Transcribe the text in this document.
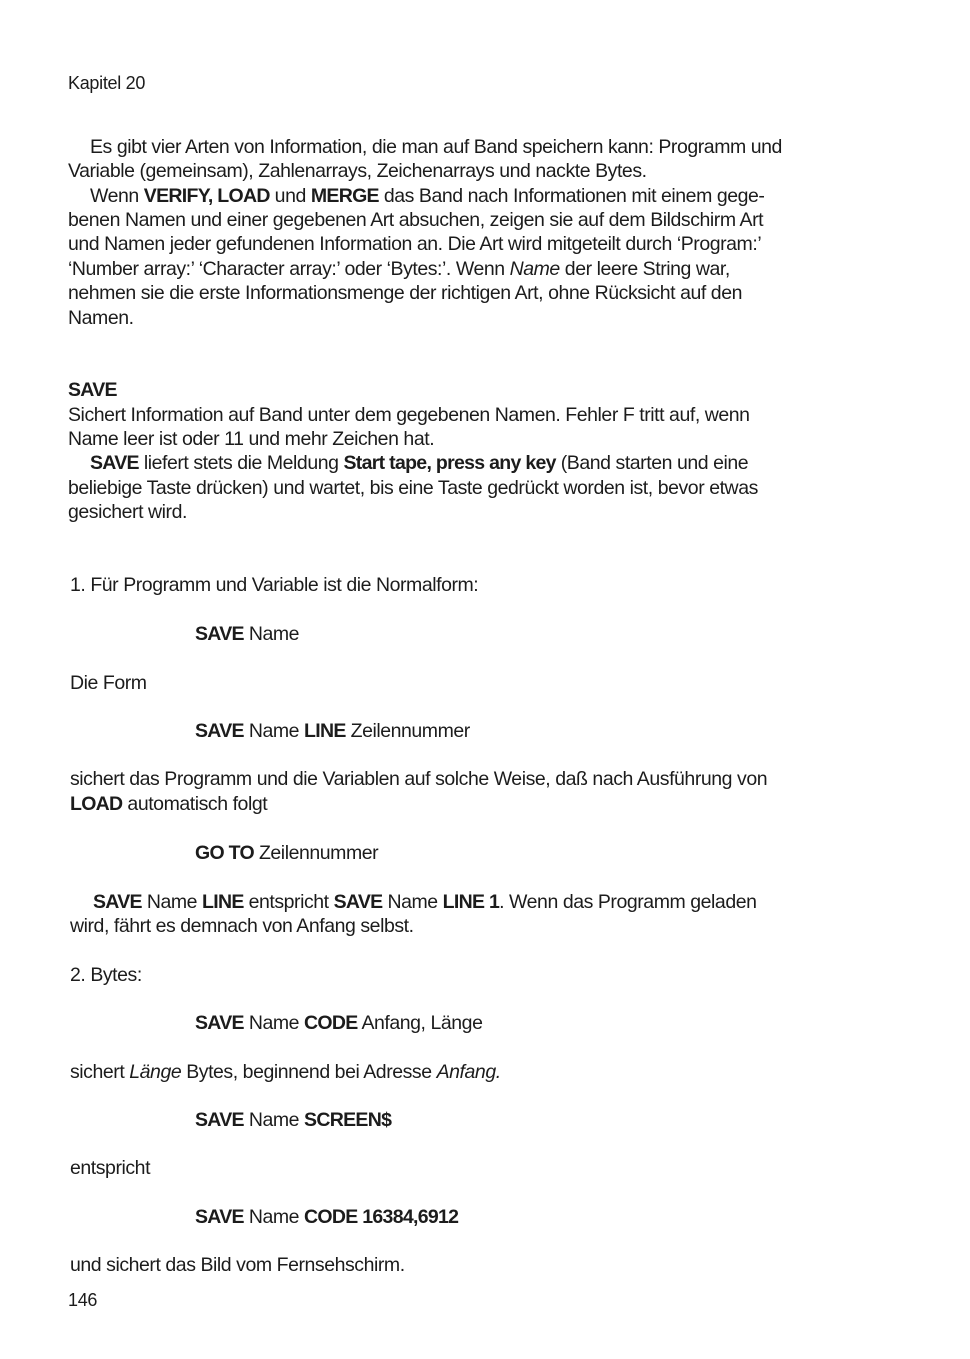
Kapitel 20
Es gibt vier Arten von Information, die man auf Band speichern kann: Programm und
Variable (gemeinsam), Zahlenarrays, Zeichenarrays und nackte Bytes.
Wenn VERIFY, LOAD und MERGE das Band nach Informationen mit einem gege-
benen Namen und einer gegebenen Art absuchen, zeigen sie auf dem Bildschirm Art
und Namen jeder gefundenen Information an. Die Art wird mitgeteilt durch ‘Program:’
‘Number array:’ ‘Character array:’ oder ‘Bytes:’. Wenn Name der leere String war,
nehmen sie die erste Informationsmenge der richtigen Art, ohne Rücksicht auf den
Namen.
SAVE
Sichert Information auf Band unter dem gegebenen Namen. Fehler F tritt auf, wenn
Name leer ist oder 11 und mehr Zeichen hat.
SAVE liefert stets die Meldung Start tape, press any key (Band starten und eine
beliebige Taste drücken) und wartet, bis eine Taste gedrückt worden ist, bevor etwas
gesichert wird.
1. Für Programm und Variable ist die Normalform:
SAVE Name
Die Form
SAVE Name LINE Zeilennummer
sichert das Programm und die Variablen auf solche Weise, daß nach Ausführung von
LOAD automatisch folgt
GO TO Zeilennummer
SAVE Name LINE entspricht SAVE Name LINE 1. Wenn das Programm geladen
wird, fährt es demnach von Anfang selbst.
2. Bytes:
SAVE Name CODE Anfang, Länge
sichert Länge Bytes, beginnend bei Adresse Anfang.
SAVE Name SCREEN$
entspricht
SAVE Name CODE 16384,6912
und sichert das Bild vom Fernsehschirm.
146
